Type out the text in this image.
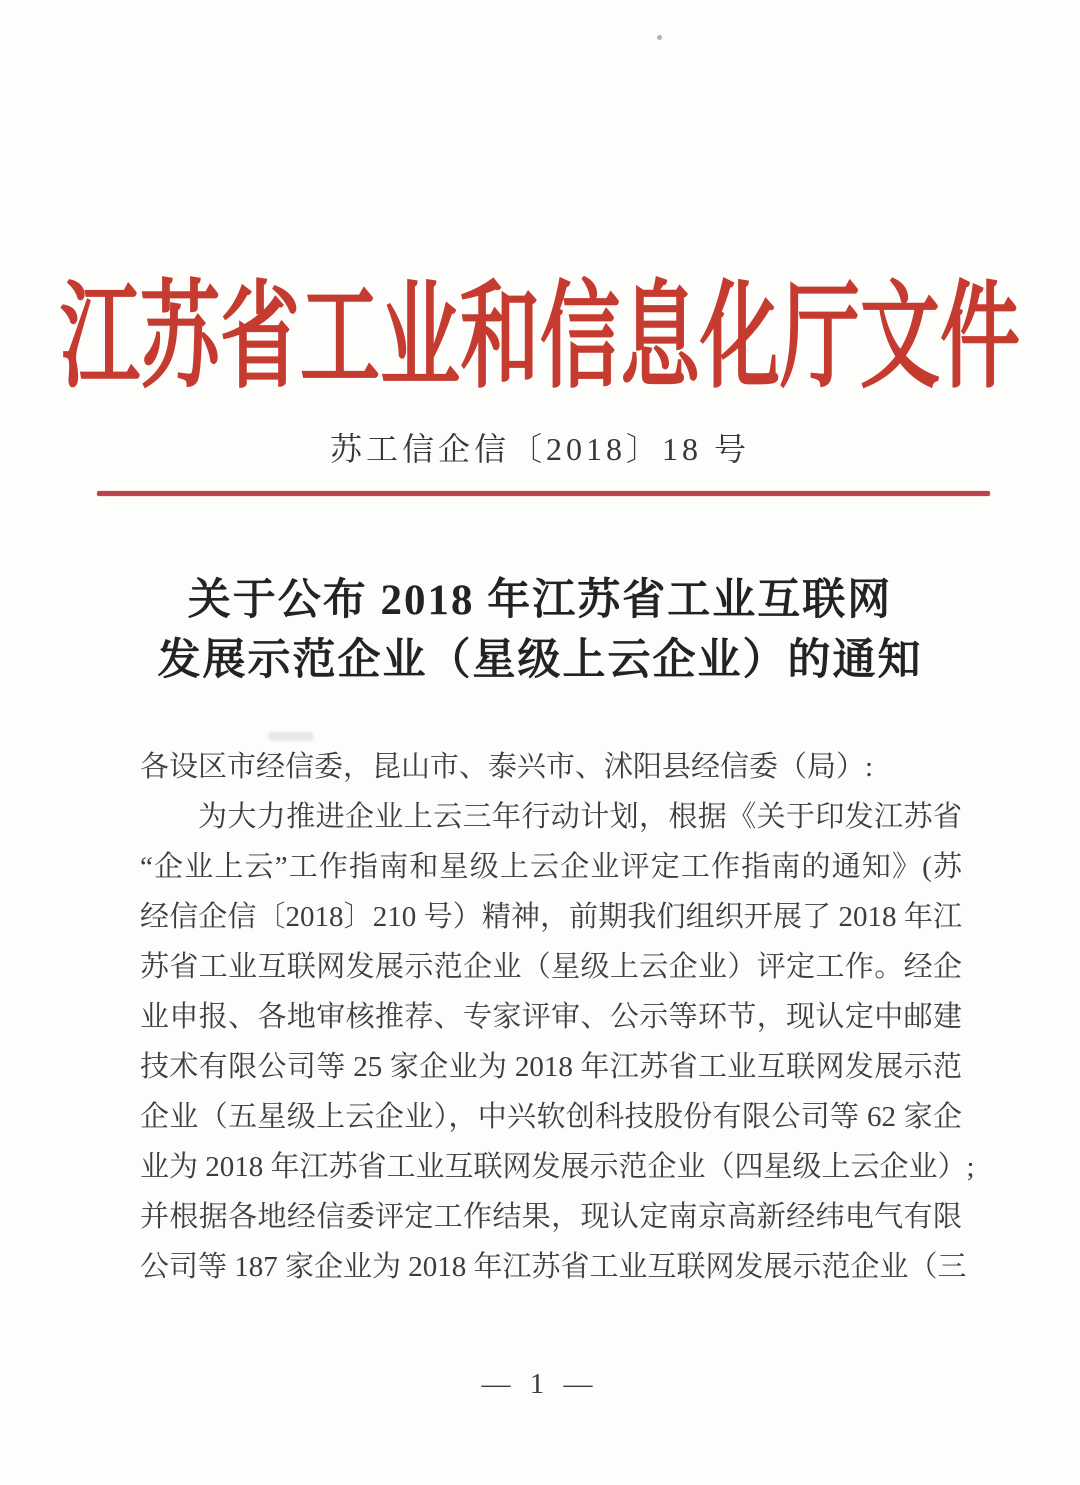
江苏省工业和信息化厅文件
苏工信企信〔2018〕18 号
关于公布 2018 年江苏省工业互联网
发展示范企业（星级上云企业）的通知
各设区市经信委，昆山市、泰兴市、沭阳县经信委（局）:
为大力推进企业上云三年行动计划，根据《关于印发江苏省
“企业上云”工作指南和星级上云企业评定工作指南的通知》(苏
经信企信〔2018〕210 号）精神，前期我们组织开展了 2018 年江
苏省工业互联网发展示范企业（星级上云企业）评定工作。经企
业申报、各地审核推荐、专家评审、公示等环节，现认定中邮建
技术有限公司等 25 家企业为 2018 年江苏省工业互联网发展示范
企业（五星级上云企业），中兴软创科技股份有限公司等 62 家企
业为 2018 年江苏省工业互联网发展示范企业（四星级上云企业）;
并根据各地经信委评定工作结果，现认定南京高新经纬电气有限
公司等 187 家企业为 2018 年江苏省工业互联网发展示范企业（三
— 1 —
